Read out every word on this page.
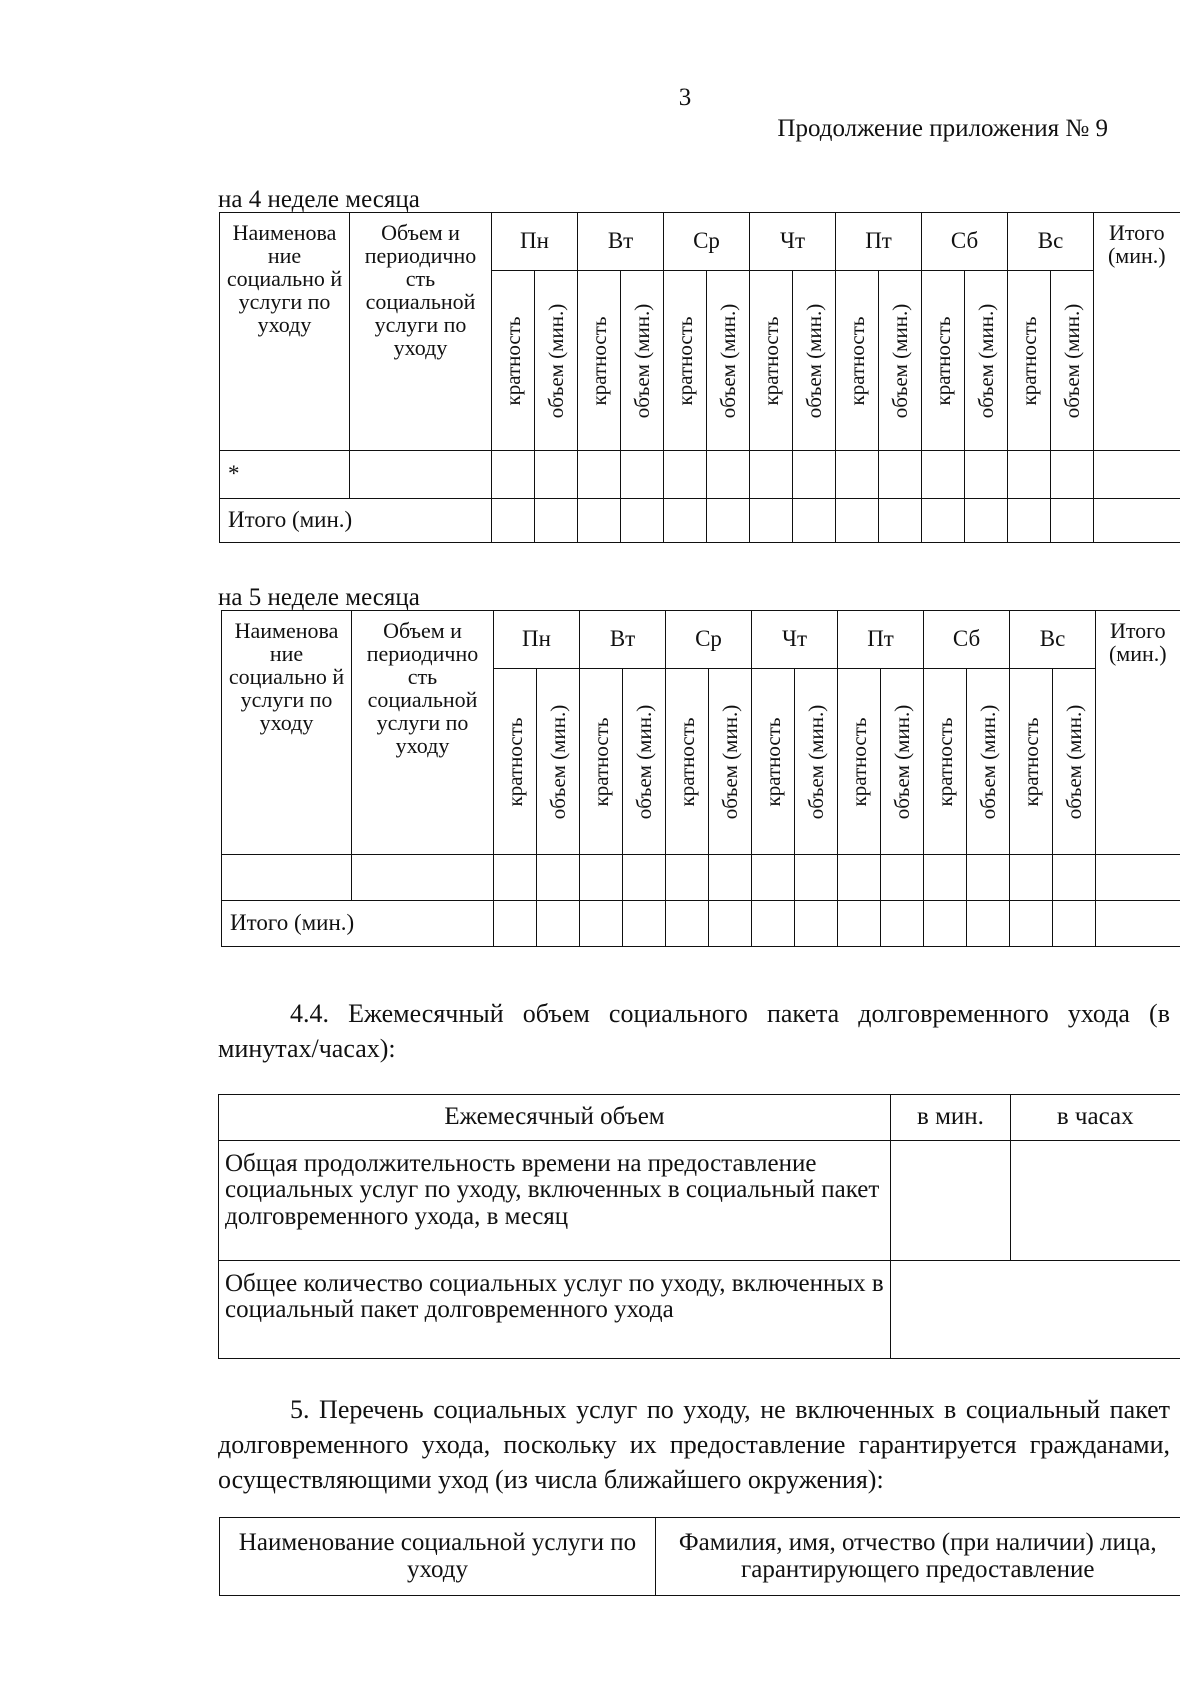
3
Продолжение приложения № 9
на 4 неделе месяца
Наименова ние социально й услуги по уходу	Объем и периодично сть социальной услуги по уходу	Пн		Вт		Ср		Чт		Пт		Сб		Вс		Итого (мин.)

		кратность	объем (мин.)	кратность	объем (мин.)	кратность	объем (мин.)	кратность	объем (мин.)	кратность	объем (мин.)	кратность	объем (мин.)	кратность	объем (мин.)	

*																
Итого (мин.)																
на 5 неделе месяца
Наименова ние социально й услуги по уходу	Объем и периодично сть социальной услуги по уходу	Пн		Вт		Ср		Чт		Пт		Сб		Вс		Итого (мин.)

		кратность	объем (мин.)	кратность	объем (мин.)	кратность	объем (мин.)	кратность	объем (мин.)	кратность	объем (мин.)	кратность	объем (мин.)	кратность	объем (мин.)	

Итого (мин.)																
4.4. Ежемесячный объем социального пакета долговременного ухода (в минутах/часах):
Ежемесячный объем	в мин.	в часах
Общая продолжительность времени на предоставление социальных услуг по уходу, включенных в социальный пакет долговременного ухода, в месяц		
Общее количество социальных услуг по уходу, включенных в социальный пакет долговременного ухода		
5. Перечень социальных услуг по уходу, не включенных в социальный пакет долговременного ухода, поскольку их предоставление гарантируется гражданами, осуществляющими уход (из числа ближайшего окружения):
Наименование социальной услуги по уходу	Фамилия, имя, отчество (при наличии) лица, гарантирующего предоставление
